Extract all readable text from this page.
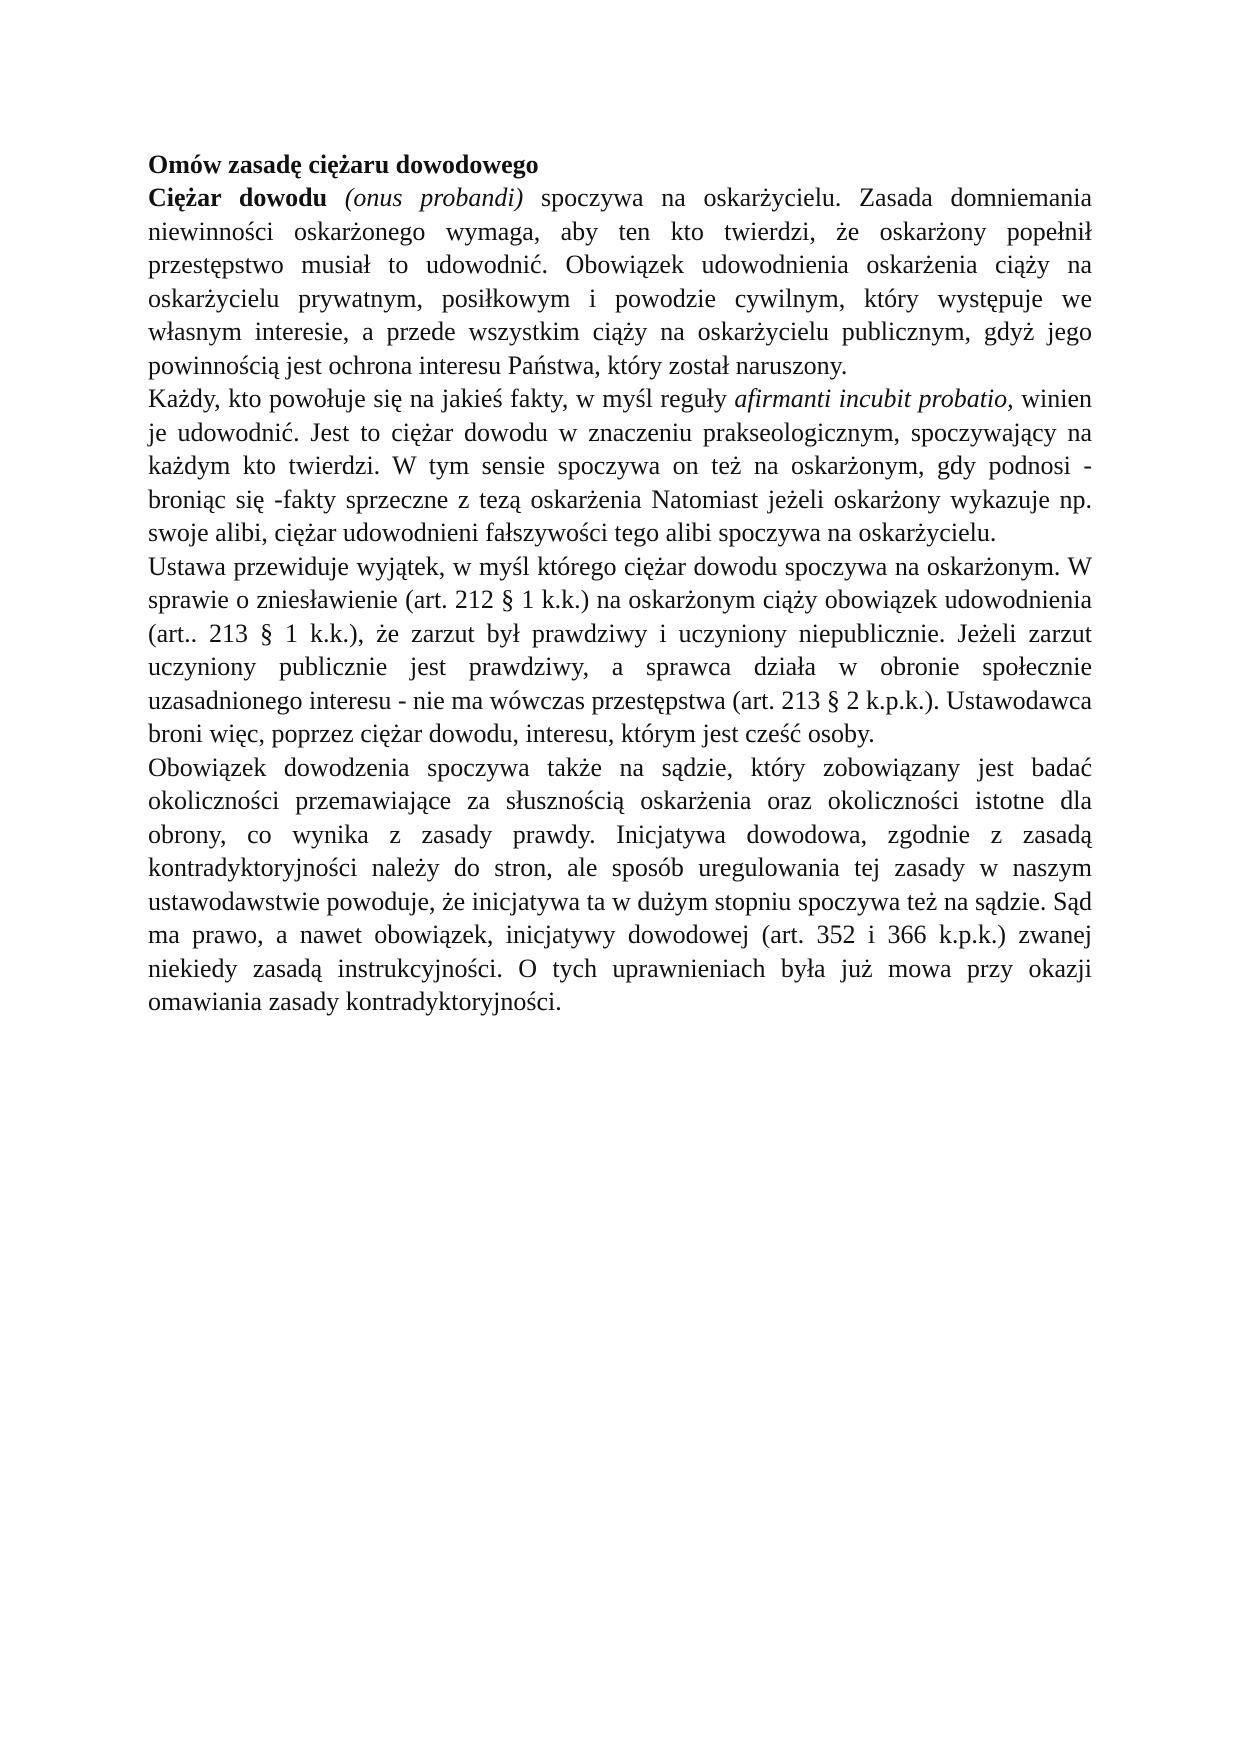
Omów zasadę ciężaru dowodowego

Ciężar dowodu (onus probandi) spoczywa na oskarżycielu. Zasada domniemania niewinności oskarżonego wymaga, aby ten kto twierdzi, że oskarżony popełnił przestępstwo musiał to udowodnić. Obowiązek udowodnienia oskarżenia ciąży na oskarżycielu prywatnym, posiłkowym i powodzie cywilnym, który występuje we własnym interesie, a przede wszystkim ciąży na oskarżycielu publicznym, gdyż jego powinnością jest ochrona interesu Państwa, który został naruszony.

Każdy, kto powołuje się na jakieś fakty, w myśl reguły afirmanti incubit probatio, winien je udowodnić. Jest to ciężar dowodu w znaczeniu prakseologicznym, spoczywający na każdym kto twierdzi. W tym sensie spoczywa on też na oskarżonym, gdy podnosi - broniąc się -fakty sprzeczne z tezą oskarżenia Natomiast jeżeli oskarżony wykazuje np. swoje alibi, ciężar udowodnieni fałszywości tego alibi spoczywa na oskarżycielu.

Ustawa przewiduje wyjątek, w myśl którego ciężar dowodu spoczywa na oskarżonym. W sprawie o zniesławienie (art. 212 § 1 k.k.) na oskarżonym ciąży obowiązek udowodnienia (art.. 213 § 1 k.k.), że zarzut był prawdziwy i uczyniony niepublicznie. Jeżeli zarzut uczyniony publicznie jest prawdziwy, a sprawca działa w obronie społecznie uzasadnionego interesu - nie ma wówczas przestępstwa (art. 213 § 2 k.p.k.). Ustawodawca broni więc, poprzez ciężar dowodu, interesu, którym jest cześć osoby.

Obowiązek dowodzenia spoczywa także na sądzie, który zobowiązany jest badać okoliczności przemawiające za słusznością oskarżenia oraz okoliczności istotne dla obrony, co wynika z zasady prawdy. Inicjatywa dowodowa, zgodnie z zasadą kontradyktoryjności należy do stron, ale sposób uregulowania tej zasady w naszym ustawodawstwie powoduje, że inicjatywa ta w dużym stopniu spoczywa też na sądzie. Sąd ma prawo, a nawet obowiązek, inicjatywy dowodowej (art. 352 i 366 k.p.k.) zwanej niekiedy zasadą instrukcyjności. O tych uprawnieniach była już mowa przy okazji omawiania zasady kontradyktoryjności.
